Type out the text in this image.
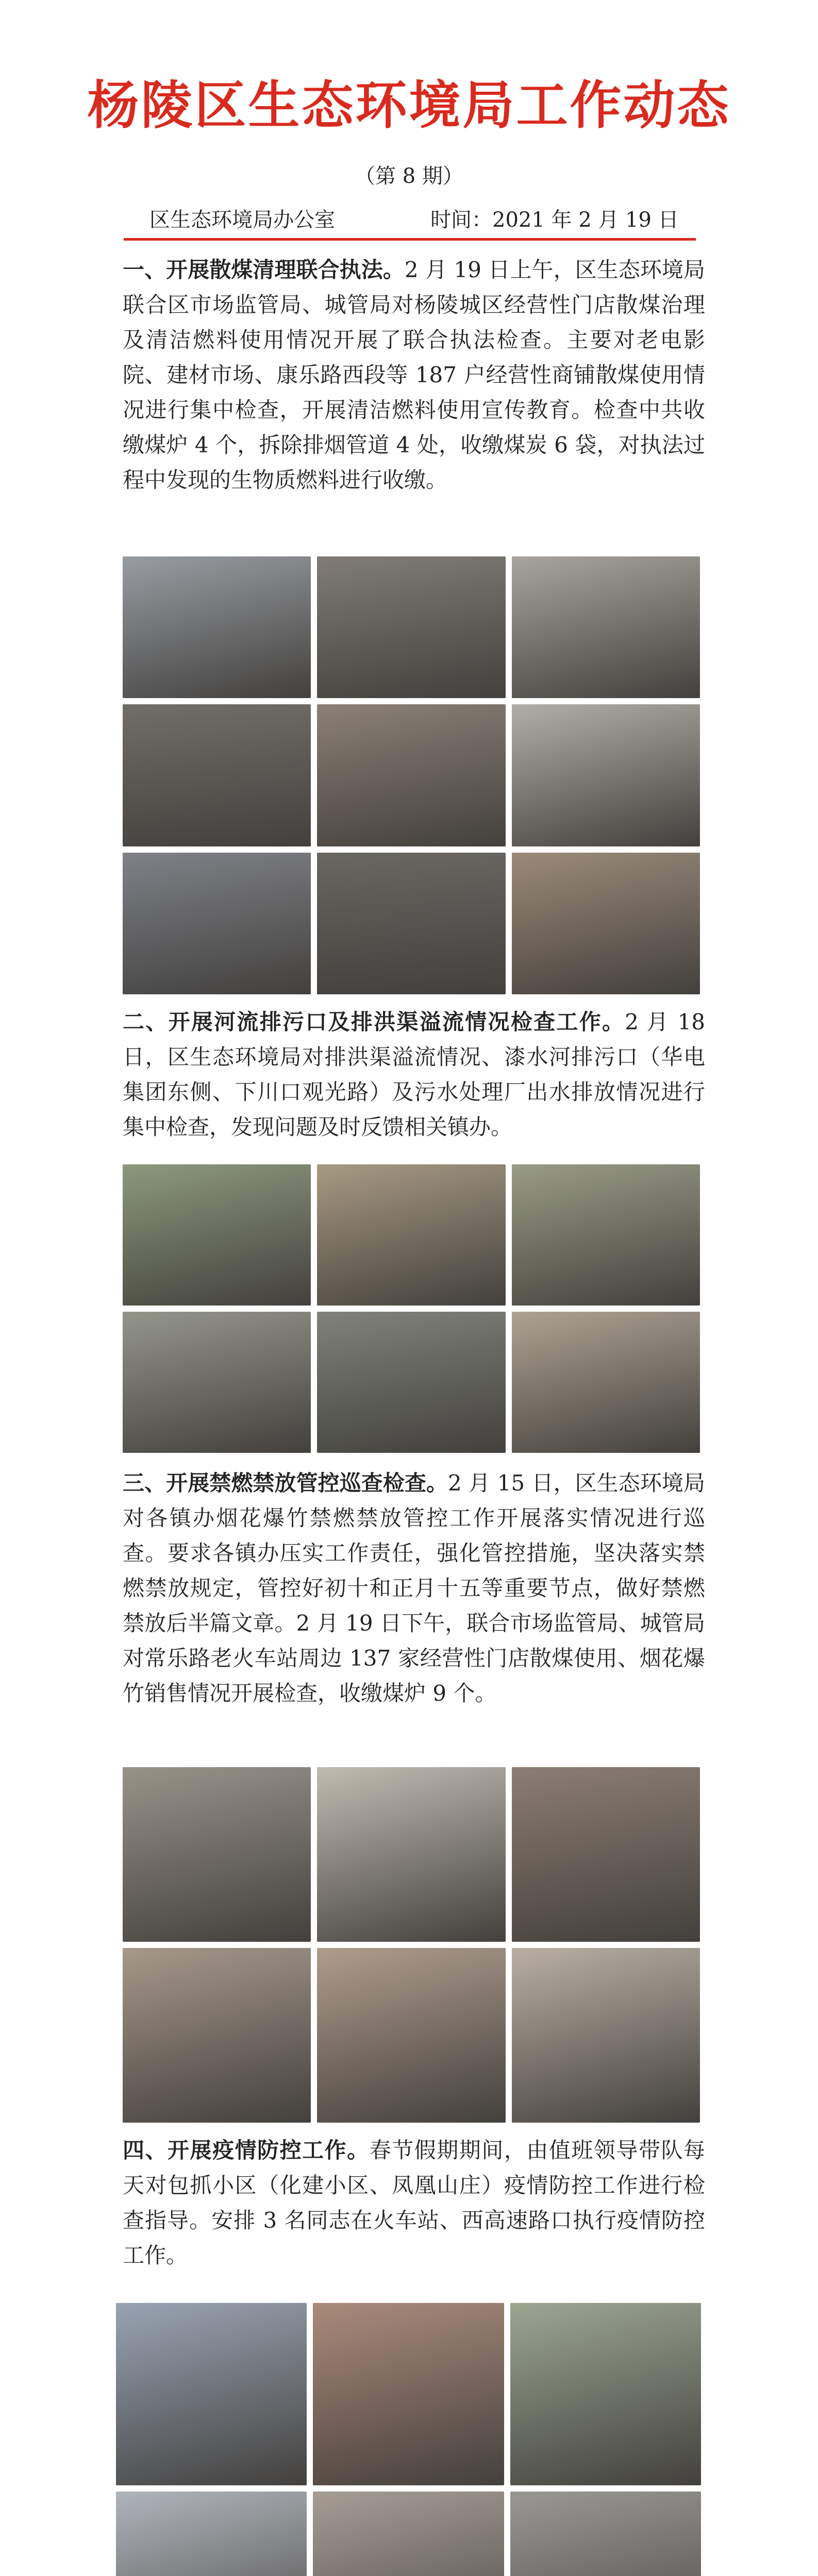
杨陵区生态环境局工作动态
（第 8 期）
区生态环境局办公室	时间：2021 年 2 月 19 日
一、开展散煤清理联合执法。2 月 19 日上午，区生态环境局联合区市场监管局、城管局对杨陵城区经营性门店散煤治理及清洁燃料使用情况开展了联合执法检查。主要对老电影院、建材市场、康乐路西段等 187 户经营性商铺散煤使用情况进行集中检查，开展清洁燃料使用宣传教育。检查中共收缴煤炉 4 个，拆除排烟管道 4 处，收缴煤炭 6 袋，对执法过程中发现的生物质燃料进行收缴。
二、开展河流排污口及排洪渠溢流情况检查工作。2 月 18 日，区生态环境局对排洪渠溢流情况、漆水河排污口（华电集团东侧、下川口观光路）及污水处理厂出水排放情况进行集中检查，发现问题及时反馈相关镇办。
三、开展禁燃禁放管控巡查检查。2 月 15 日，区生态环境局对各镇办烟花爆竹禁燃禁放管控工作开展落实情况进行巡查。要求各镇办压实工作责任，强化管控措施，坚决落实禁燃禁放规定，管控好初十和正月十五等重要节点，做好禁燃禁放后半篇文章。2 月 19 日下午，联合市场监管局、城管局对常乐路老火车站周边 137 家经营性门店散煤使用、烟花爆竹销售情况开展检查，收缴煤炉 9 个。
四、开展疫情防控工作。春节假期期间，由值班领导带队每天对包抓小区（化建小区、凤凰山庄）疫情防控工作进行检查指导。安排 3 名同志在火车站、西高速路口执行疫情防控工作。
